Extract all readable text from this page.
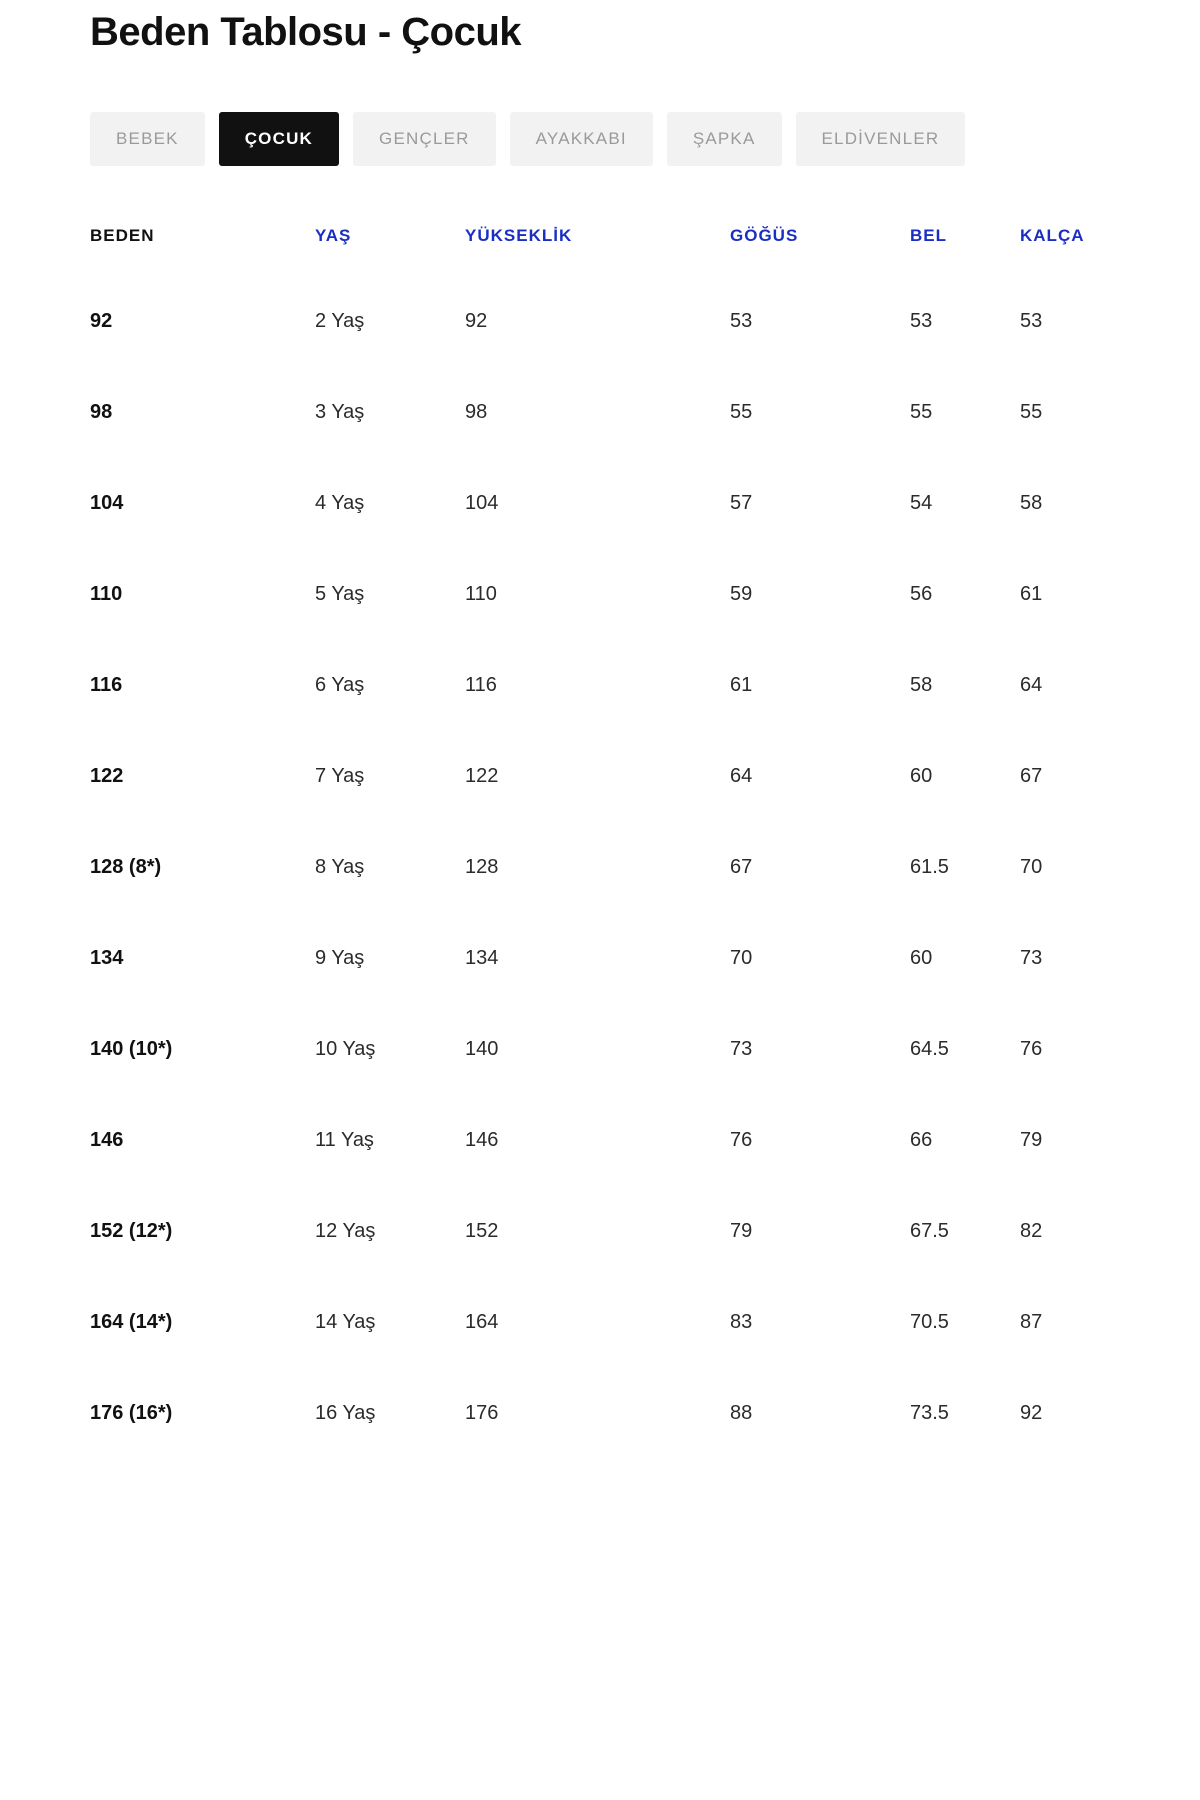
Beden Tablosu - Çocuk
BEBEK	ÇOCUK	GENÇLER	AYAKKABI	ŞAPKA	ELDİVENLER
BEDEN	YAŞ	YÜKSEKLİK	GÖĞÜS	BEL	KALÇA
92	2 Yaş	92	53	53	53
98	3 Yaş	98	55	55	55
104	4 Yaş	104	57	54	58
110	5 Yaş	110	59	56	61
116	6 Yaş	116	61	58	64
122	7 Yaş	122	64	60	67
128 (8*)	8 Yaş	128	67	61.5	70
134	9 Yaş	134	70	60	73
140 (10*)	10 Yaş	140	73	64.5	76
146	11 Yaş	146	76	66	79
152 (12*)	12 Yaş	152	79	67.5	82
164 (14*)	14 Yaş	164	83	70.5	87
176 (16*)	16 Yaş	176	88	73.5	92
